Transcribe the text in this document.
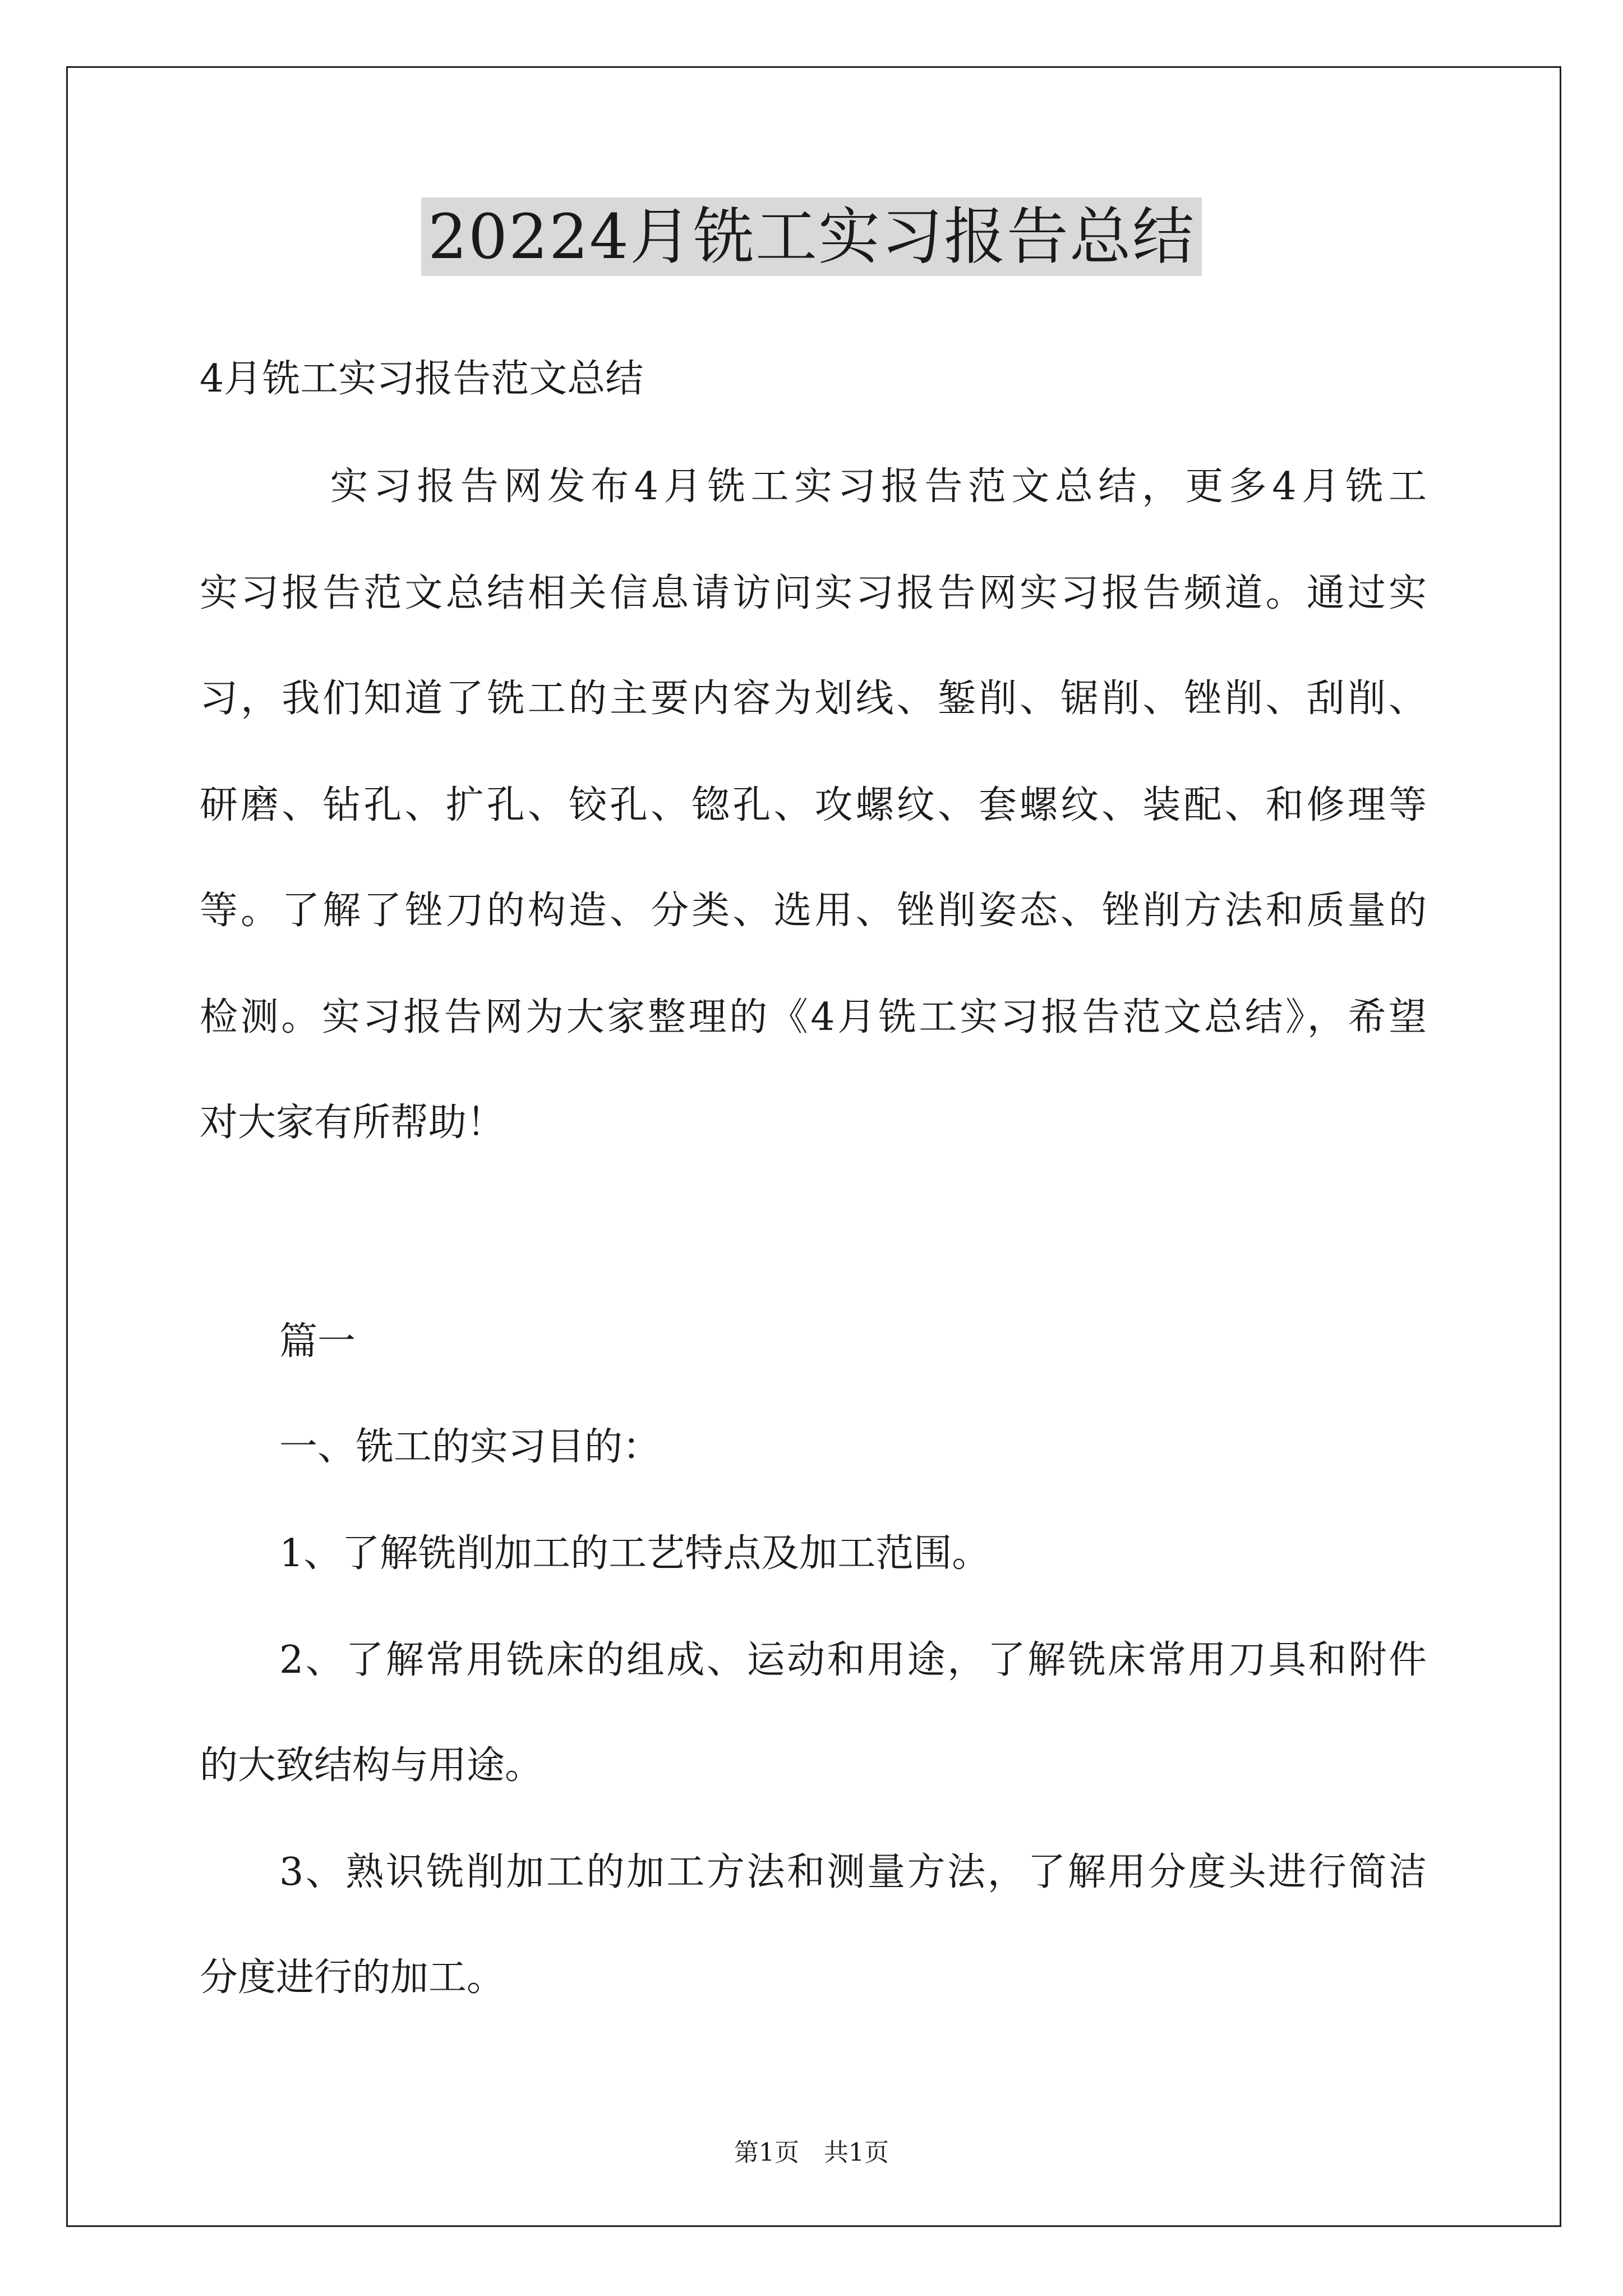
20224月铣工实习报告总结
4月铣工实习报告范文总结
　　　实习报告网发布4月铣工实习报告范文总结，更多4月铣工
实习报告范文总结相关信息请访问实习报告网实习报告频道。通过实
习，我们知道了铣工的主要内容为划线、錾削、锯削、锉削、刮削、
研磨、钻孔、扩孔、铰孔、锪孔、攻螺纹、套螺纹、装配、和修理等
等。了解了锉刀的构造、分类、选用、锉削姿态、锉削方法和质量的
检测。实习报告网为大家整理的《4月铣工实习报告范文总结》，希望
对大家有所帮助！
篇一
一、铣工的实习目的：
1、了解铣削加工的工艺特点及加工范围。
2、了解常用铣床的组成、运动和用途，了解铣床常用刀具和附件
的大致结构与用途。
3、熟识铣削加工的加工方法和测量方法，了解用分度头进行简洁
分度进行的加工。
第1页　共1页
